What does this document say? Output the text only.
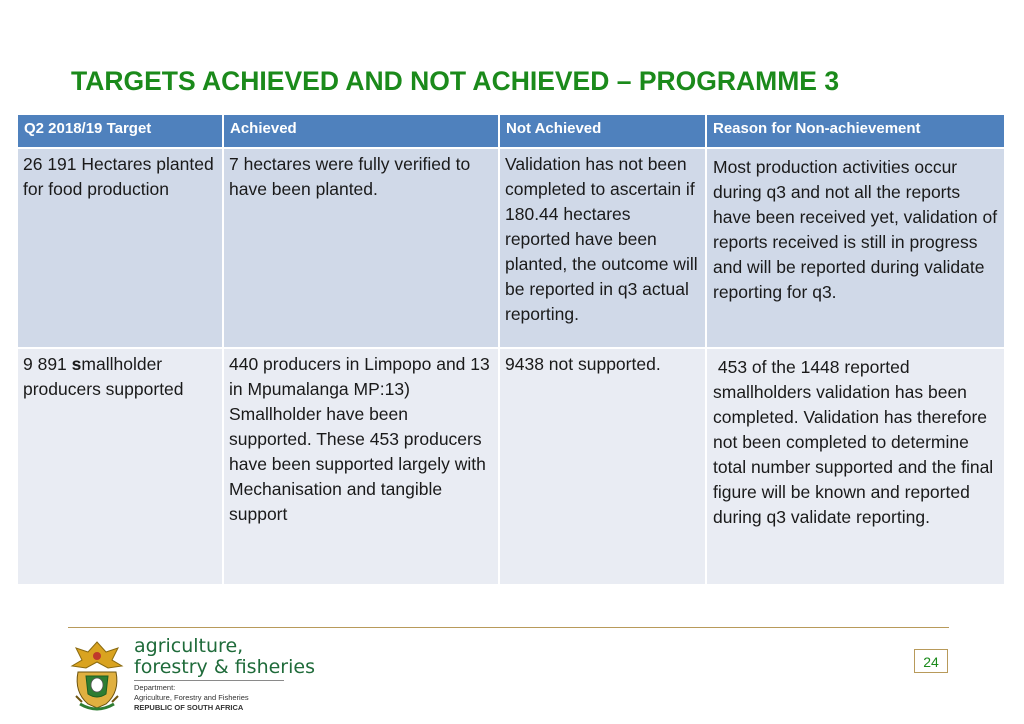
TARGETS ACHIEVED AND NOT ACHIEVED – PROGRAMME 3
Q2 2018/19 Target	Achieved	Not Achieved	Reason for Non-achievement
26 191 Hectares planted for food production	7 hectares were fully verified to have been planted.	Validation has not been completed to ascertain if 180.44 hectares reported have been planted, the outcome will be reported in q3 actual reporting.	Most production activities occur during q3 and not all the reports have been received yet, validation of reports received is still in progress and will be reported during validate reporting for q3.
9 891 smallholder producers supported	440 producers in Limpopo and 13 in Mpumalanga MP:13) Smallholder have been supported. These 453 producers have been supported largely with Mechanisation and tangible support	9438 not supported.	453 of the 1448 reported smallholders validation has been completed. Validation has therefore not been completed to determine total number supported and the final figure will be known and reported during q3 validate reporting.
agriculture,
forestry & fisheries
Department:
Agriculture, Forestry and Fisheries
REPUBLIC OF SOUTH AFRICA
24
